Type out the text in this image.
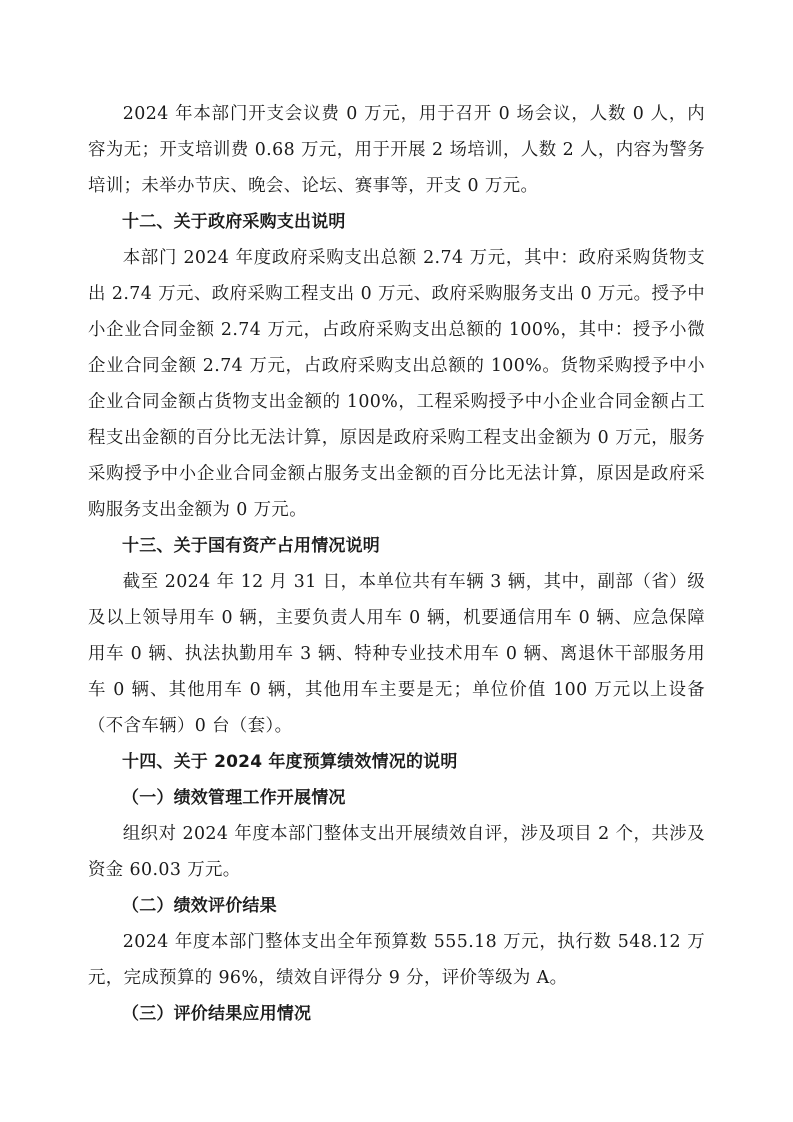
2024 年本部门开支会议费 0 万元，用于召开 0 场会议，人数 0 人，内容为无；开支培训费 0.68 万元，用于开展 2 场培训，人数 2 人，内容为警务培训；未举办节庆、晚会、论坛、赛事等，开支 0 万元。

十二、关于政府采购支出说明

本部门 2024 年度政府采购支出总额 2.74 万元，其中：政府采购货物支出 2.74 万元、政府采购工程支出 0 万元、政府采购服务支出 0 万元。授予中小企业合同金额 2.74 万元，占政府采购支出总额的 100%，其中：授予小微企业合同金额 2.74 万元，占政府采购支出总额的 100%。货物采购授予中小企业合同金额占货物支出金额的 100%，工程采购授予中小企业合同金额占工程支出金额的百分比无法计算，原因是政府采购工程支出金额为 0 万元，服务采购授予中小企业合同金额占服务支出金额的百分比无法计算，原因是政府采购服务支出金额为 0 万元。

十三、关于国有资产占用情况说明

截至 2024 年 12 月 31 日，本单位共有车辆 3 辆，其中，副部（省）级及以上领导用车 0 辆，主要负责人用车 0 辆，机要通信用车 0 辆、应急保障用车 0 辆、执法执勤用车 3 辆、特种专业技术用车 0 辆、离退休干部服务用车 0 辆、其他用车 0 辆，其他用车主要是无；单位价值 100 万元以上设备（不含车辆）0 台（套）。

十四、关于 2024 年度预算绩效情况的说明

（一）绩效管理工作开展情况

组织对 2024 年度本部门整体支出开展绩效自评，涉及项目 2 个，共涉及资金 60.03 万元。

（二）绩效评价结果

2024 年度本部门整体支出全年预算数 555.18 万元，执行数 548.12 万元，完成预算的 96%，绩效自评得分 9 分，评价等级为 A。

（三）评价结果应用情况
